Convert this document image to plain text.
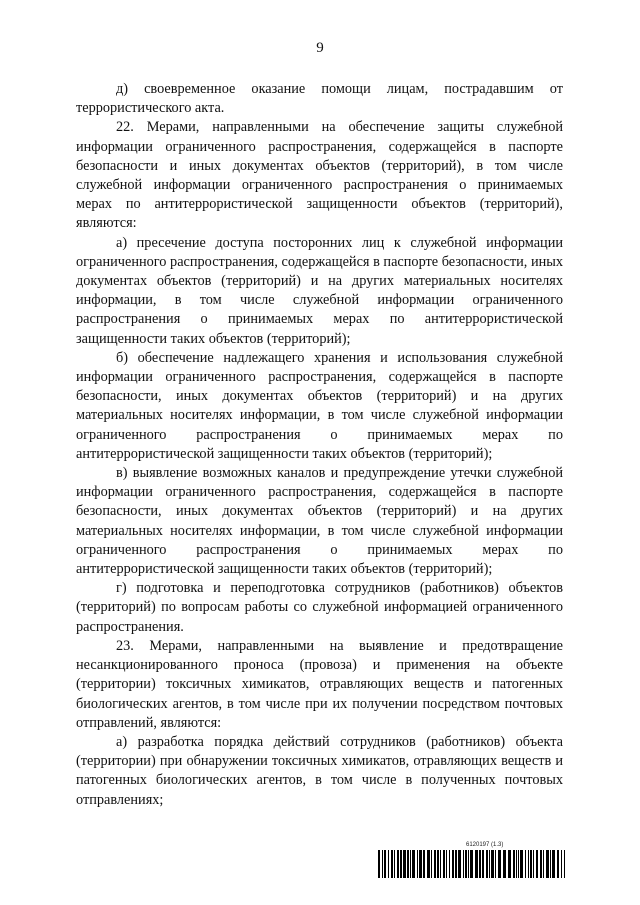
9

д) своевременное оказание помощи лицам, пострадавшим от террористического акта.

22. Мерами, направленными на обеспечение защиты служебной информации ограниченного распространения, содержащейся в паспорте безопасности и иных документах объектов (территорий), в том числе служебной информации ограниченного распространения о принимаемых мерах по антитеррористической защищенности объектов (территорий), являются:

а) пресечение доступа посторонних лиц к служебной информации ограниченного распространения, содержащейся в паспорте безопасности, иных документах объектов (территорий) и на других материальных носителях информации, в том числе служебной информации ограниченного распространения о принимаемых мерах по антитеррористической защищенности таких объектов (территорий);

б) обеспечение надлежащего хранения и использования служебной информации ограниченного распространения, содержащейся в паспорте безопасности, иных документах объектов (территорий) и на других материальных носителях информации, в том числе служебной информации ограниченного распространения о принимаемых мерах по антитеррористической защищенности таких объектов (территорий);

в) выявление возможных каналов и предупреждение утечки служебной информации ограниченного распространения, содержащейся в паспорте безопасности, иных документах объектов (территорий) и на других материальных носителях информации, в том числе служебной информации ограниченного распространения о принимаемых мерах по антитеррористической защищенности таких объектов (территорий);

г) подготовка и переподготовка сотрудников (работников) объектов (территорий) по вопросам работы со служебной информацией ограниченного распространения.

23. Мерами, направленными на выявление и предотвращение несанкционированного проноса (провоза) и применения на объекте (территории) токсичных химикатов, отравляющих веществ и патогенных биологических агентов, в том числе при их получении посредством почтовых отправлений, являются:

а) разработка порядка действий сотрудников (работников) объекта (территории) при обнаружении токсичных химикатов, отравляющих веществ и патогенных биологических агентов, в том числе в полученных почтовых отправлениях;

6120197 (1.3)
